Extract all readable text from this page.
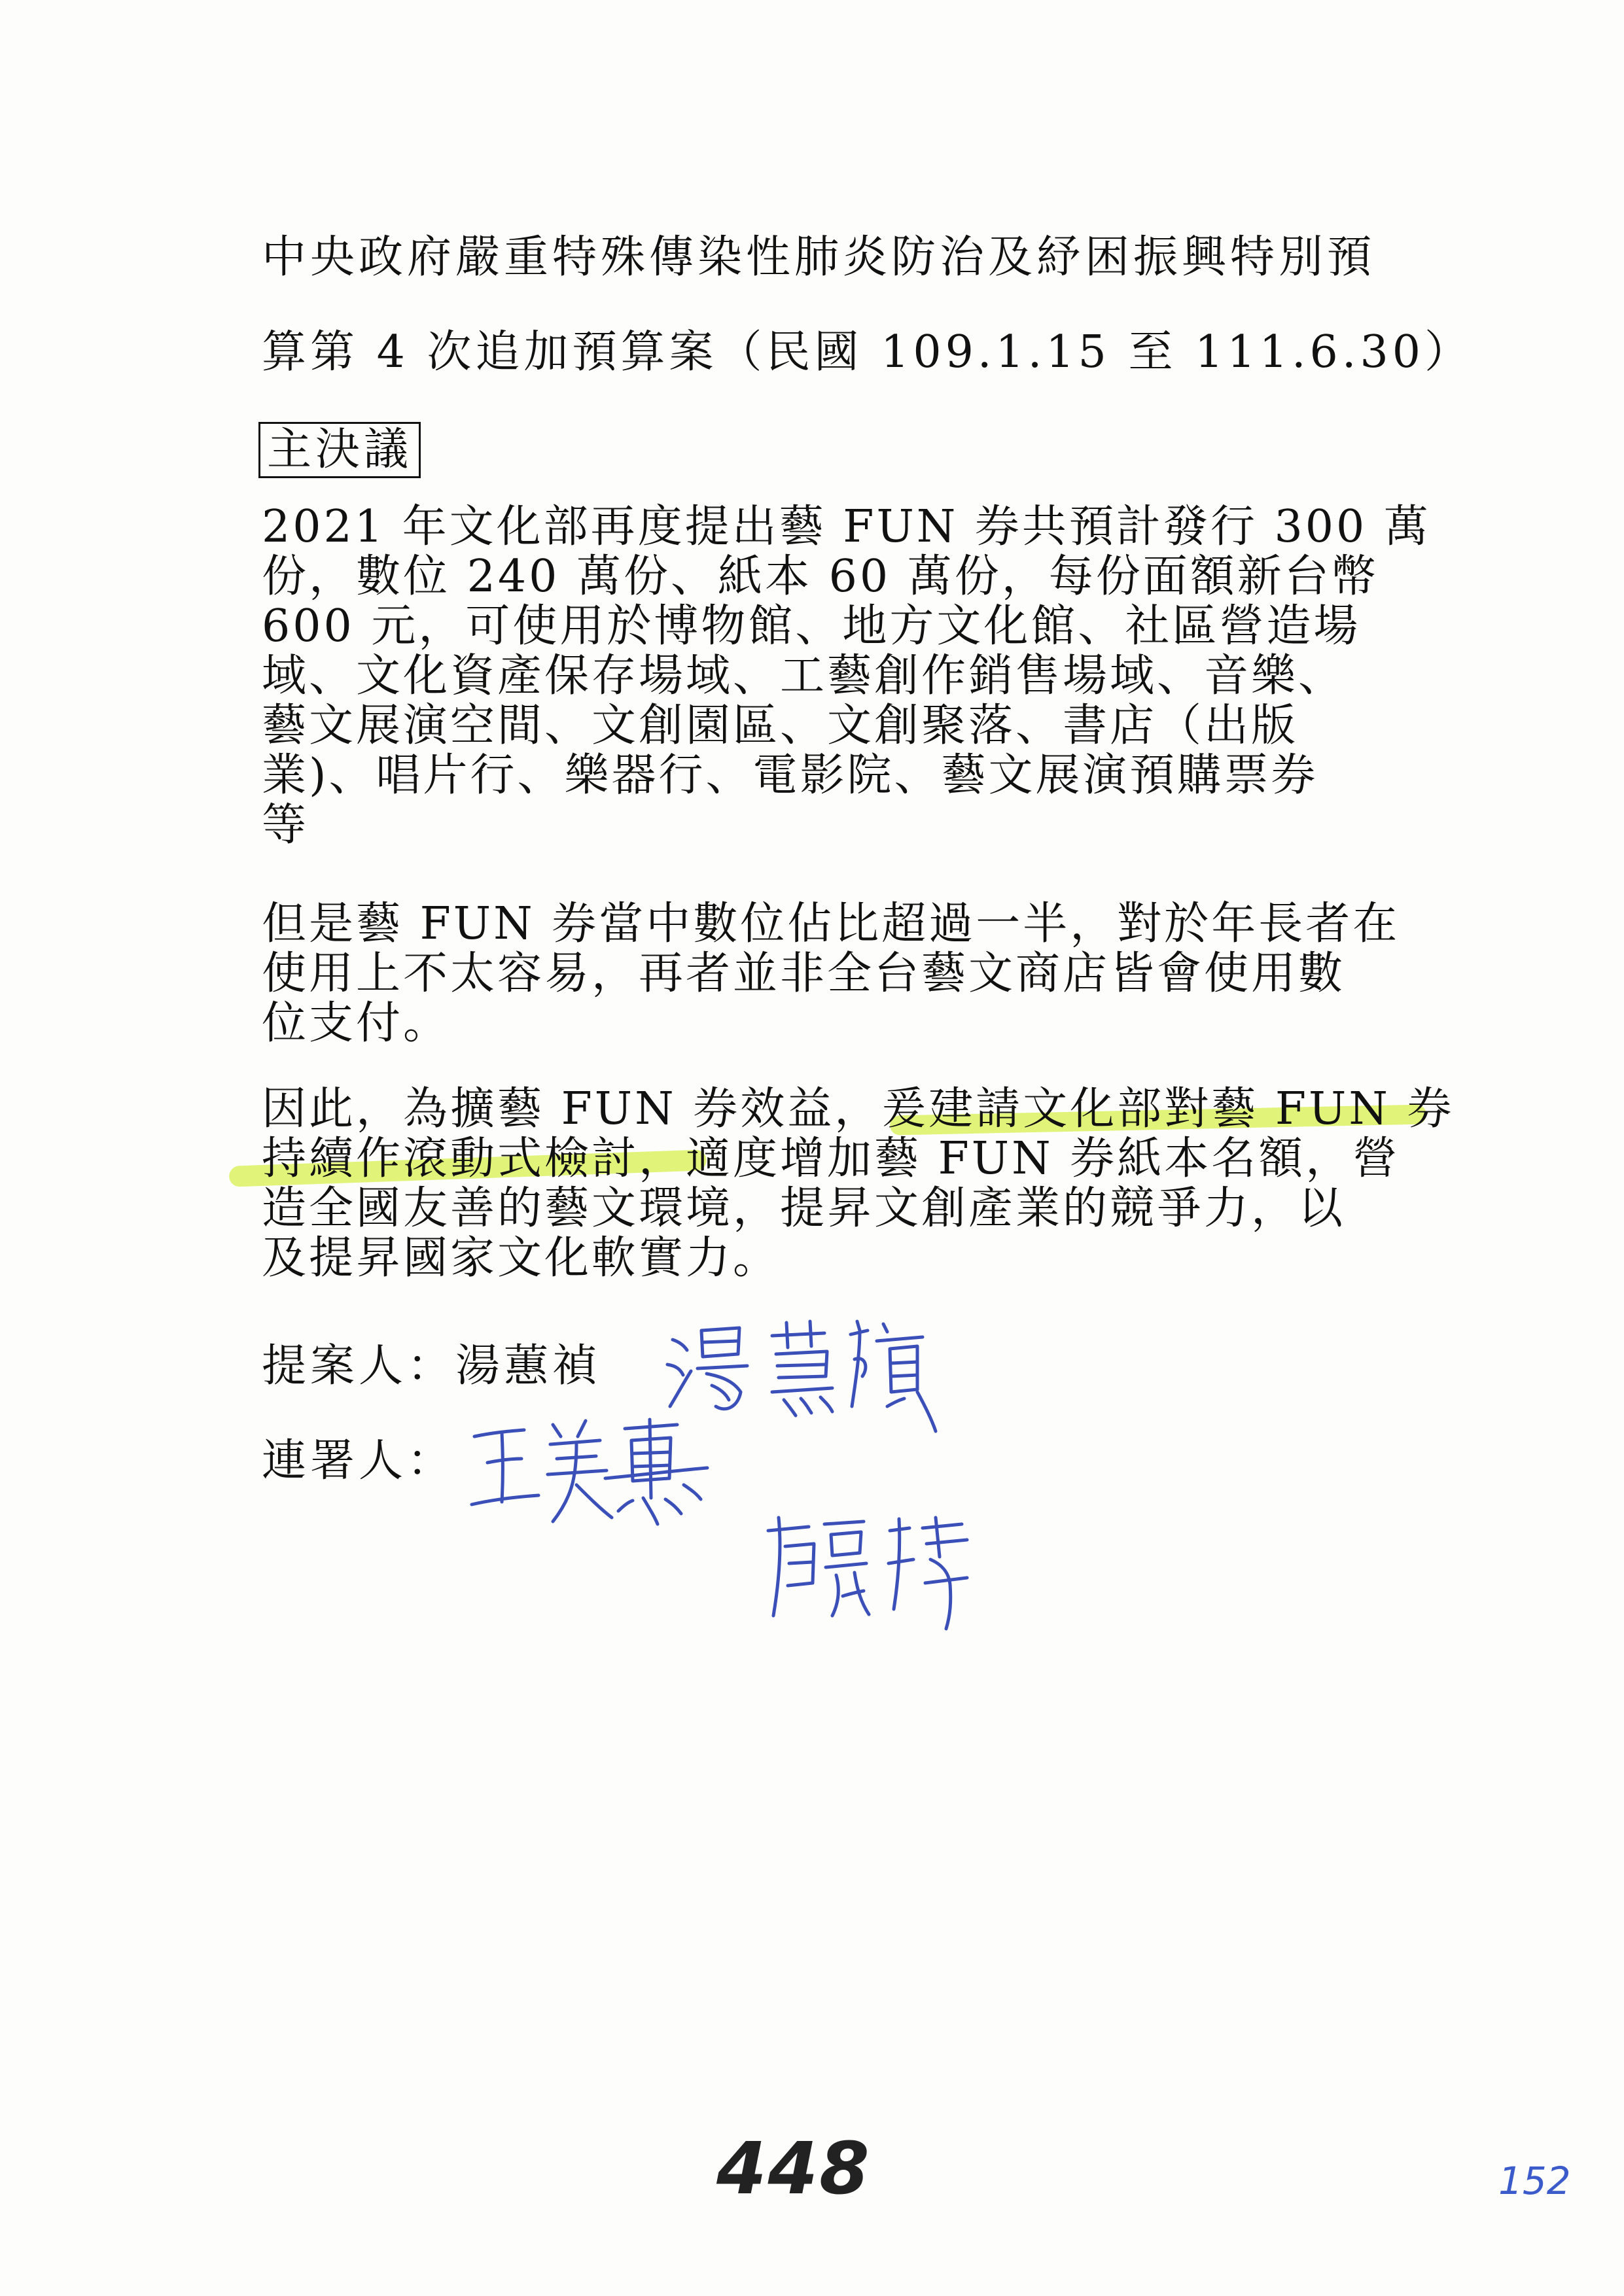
中央政府嚴重特殊傳染性肺炎防治及紓困振興特別預
算第 4 次追加預算案（民國 109.1.15 至 111.6.30）
主決議
2021 年文化部再度提出藝 FUN 券共預計發行 300 萬
份，數位 240 萬份、紙本 60 萬份，每份面額新台幣
600 元，可使用於博物館、地方文化館、社區營造場
域、文化資產保存場域、工藝創作銷售場域、音樂、
藝文展演空間、文創園區、文創聚落、書店（出版
業)、唱片行、樂器行、電影院、藝文展演預購票券
等
但是藝 FUN 券當中數位佔比超過一半，對於年長者在
使用上不太容易，再者並非全台藝文商店皆會使用數
位支付。
因此，為擴藝 FUN 券效益，爰建請文化部對藝 FUN 券
持續作滾動式檢討，適度增加藝 FUN 券紙本名額，營
造全國友善的藝文環境，提昇文創產業的競爭力，以
及提昇國家文化軟實力。
提案人：湯蕙禎
連署人：
448	152
